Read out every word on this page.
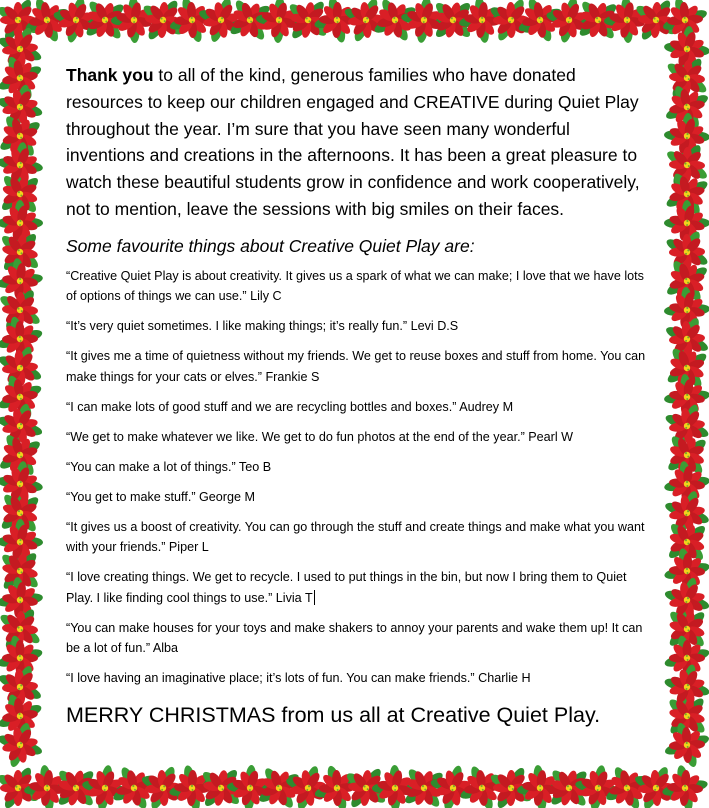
Thank you to all of the kind, generous families who have donated resources to keep our children engaged and CREATIVE during Quiet Play throughout the year. I’m sure that you have seen many wonderful inventions and creations in the afternoons. It has been a great pleasure to watch these beautiful students grow in confidence and work cooperatively, not to mention, leave the sessions with big smiles on their faces.

Some favourite things about Creative Quiet Play are:
“Creative Quiet Play is about creativity. It gives us a spark of what we can make; I love that we have lots of options of things we can use.” Lily C
“It’s very quiet sometimes. I like making things; it’s really fun.” Levi D.S
“It gives me a time of quietness without my friends. We get to reuse boxes and stuff from home. You can make things for your cats or elves.” Frankie S
“I can make lots of good stuff and we are recycling bottles and boxes.” Audrey M
“We get to make whatever we like. We get to do fun photos at the end of the year.” Pearl W
“You can make a lot of things.” Teo B
“You get to make stuff.” George M
“It gives us a boost of creativity. You can go through the stuff and create things and make what you want with your friends.” Piper L
“I love creating things. We get to recycle. I used to put things in the bin, but now I bring them to Quiet Play. I like finding cool things to use.” Livia T
“You can make houses for your toys and make shakers to annoy your parents and wake them up! It can be a lot of fun.” Alba
“I love having an imaginative place; it’s lots of fun. You can make friends.” Charlie H
MERRY CHRISTMAS from us all at Creative Quiet Play.
